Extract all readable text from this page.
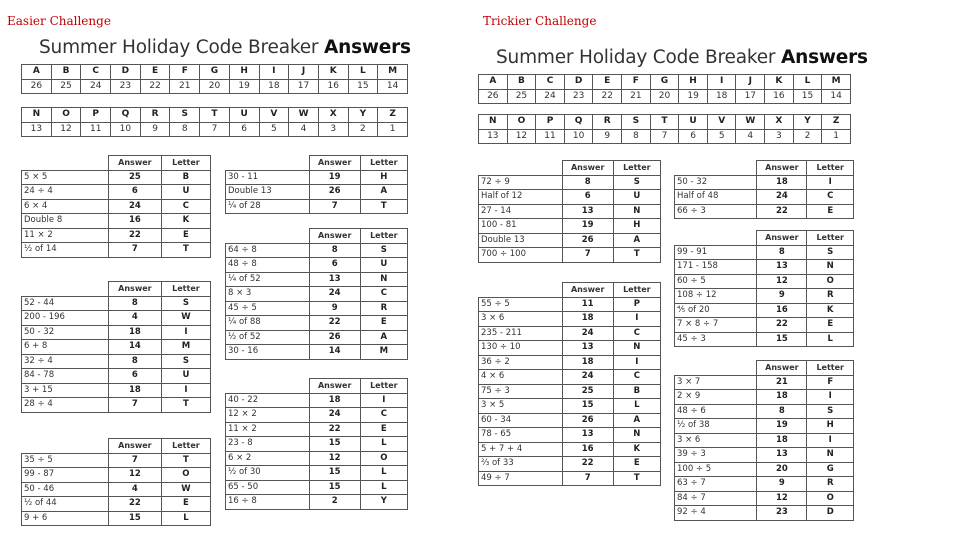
Easier Challenge	Trickier Challenge
Summer Holiday Code Breaker Answers	Summer Holiday Code Breaker Answers
A	B	C	D	E	F	G	H	I	J	K	L	M
26	25	24	23	22	21	20	19	18	17	16	15	14
N	O	P	Q	R	S	T	U	V	W	X	Y	Z
13	12	11	10	9	8	7	6	5	4	3	2	1
A	B	C	D	E	F	G	H	I	J	K	L	M
26	25	24	23	22	21	20	19	18	17	16	15	14
N	O	P	Q	R	S	T	U	V	W	X	Y	Z
13	12	11	10	9	8	7	6	5	4	3	2	1
	Answer	Letter
5 × 5	25	B
24 ÷ 4	6	U
6 × 4	24	C
Double 8	16	K
11 × 2	22	E
½ of 14	7	T
	Answer	Letter
52 - 44	8	S
200 - 196	4	W
50 - 32	18	I
6 + 8	14	M
32 ÷ 4	8	S
84 - 78	6	U
3 + 15	18	I
28 ÷ 4	7	T
	Answer	Letter
35 ÷ 5	7	T
99 - 87	12	O
50 - 46	4	W
½ of 44	22	E
9 + 6	15	L
	Answer	Letter
30 - 11	19	H
Double 13	26	A
¼ of 28	7	T
	Answer	Letter
64 ÷ 8	8	S
48 ÷ 8	6	U
¼ of 52	13	N
8 × 3	24	C
45 ÷ 5	9	R
¼ of 88	22	E
½ of 52	26	A
30 - 16	14	M
	Answer	Letter
40 - 22	18	I
12 × 2	24	C
11 × 2	22	E
23 - 8	15	L
6 × 2	12	O
½ of 30	15	L
65 - 50	15	L
16 ÷ 8	2	Y
	Answer	Letter
72 ÷ 9	8	S
Half of 12	6	U
27 - 14	13	N
100 - 81	19	H
Double 13	26	A
700 ÷ 100	7	T
	Answer	Letter
55 ÷ 5	11	P
3 × 6	18	I
235 - 211	24	C
130 ÷ 10	13	N
36 ÷ 2	18	I
4 × 6	24	C
75 ÷ 3	25	B
3 × 5	15	L
60 - 34	26	A
78 - 65	13	N
5 + 7 + 4	16	K
⅔ of 33	22	E
49 ÷ 7	7	T
	Answer	Letter
50 - 32	18	I
Half of 48	24	C
66 ÷ 3	22	E
	Answer	Letter
99 - 91	8	S
171 - 158	13	N
60 ÷ 5	12	O
108 ÷ 12	9	R
⅘ of 20	16	K
7 × 8 ÷ 7	22	E
45 ÷ 3	15	L
	Answer	Letter
3 × 7	21	F
2 × 9	18	I
48 ÷ 6	8	S
½ of 38	19	H
3 × 6	18	I
39 ÷ 3	13	N
100 ÷ 5	20	G
63 ÷ 7	9	R
84 ÷ 7	12	O
92 ÷ 4	23	D
